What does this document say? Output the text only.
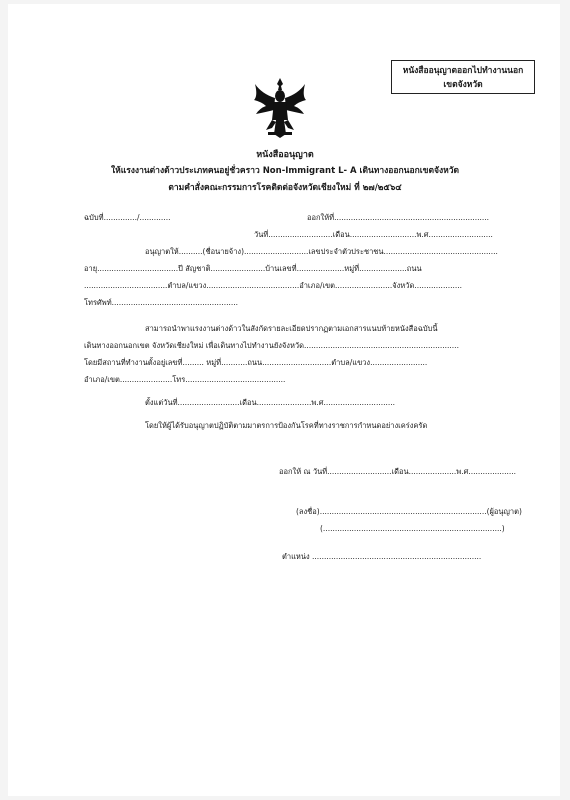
หนังสืออนุญาตออกไปทำงานนอก
เขตจังหวัด
หนังสืออนุญาต
ให้แรงงานต่างด้าวประเภทคนอยู่ชั่วคราว Non-Immigrant L- A เดินทางออกนอกเขตจังหวัด
ตามคำสั่งคณะกรรมการโรคติดต่อจังหวัดเชียงใหม่ ที่ ๒๗/๒๕๖๔
ฉบับที่............../.............	ออกให้ที่.................................................................
วันที่...........................เดือน............................พ.ศ...........................
อนุญาตให้..........(ชื่อนายจ้าง)...........................เลขประจำตัวประชาชน................................................
อายุ..................................ปี สัญชาติ.......................บ้านเลขที่....................หมู่ที่....................ถนน
...................................ตำบล/แขวง.......................................อำเภอ/เขต........................จังหวัด....................
โทรศัพท์.....................................................
สามารถนำพาแรงงานต่างด้าวในสังกัดรายละเอียดปรากฏตามเอกสารแนบท้ายหนังสือฉบับนี้
เดินทางออกนอกเขต จังหวัดเชียงใหม่ เพื่อเดินทางไปทำงานยังจังหวัด.................................................................
โดยมีสถานที่ทำงานตั้งอยู่เลขที่......... หมู่ที่...........ถนน.............................ตำบล/แขวง........................
อำเภอ/เขต......................โทร..........................................
ตั้งแต่วันที่..........................เดือน.......................พ.ศ..............................
โดยให้ผู้ได้รับอนุญาตปฏิบัติตามมาตรการป้องกันโรคที่ทางราชการกำหนดอย่างเคร่งครัด
ออกให้ ณ วันที่...........................เดือน....................พ.ศ....................
(ลงชื่อ)......................................................................(ผู้อนุญาต)
(...........................................................................)
ตำแหน่ง .......................................................................
